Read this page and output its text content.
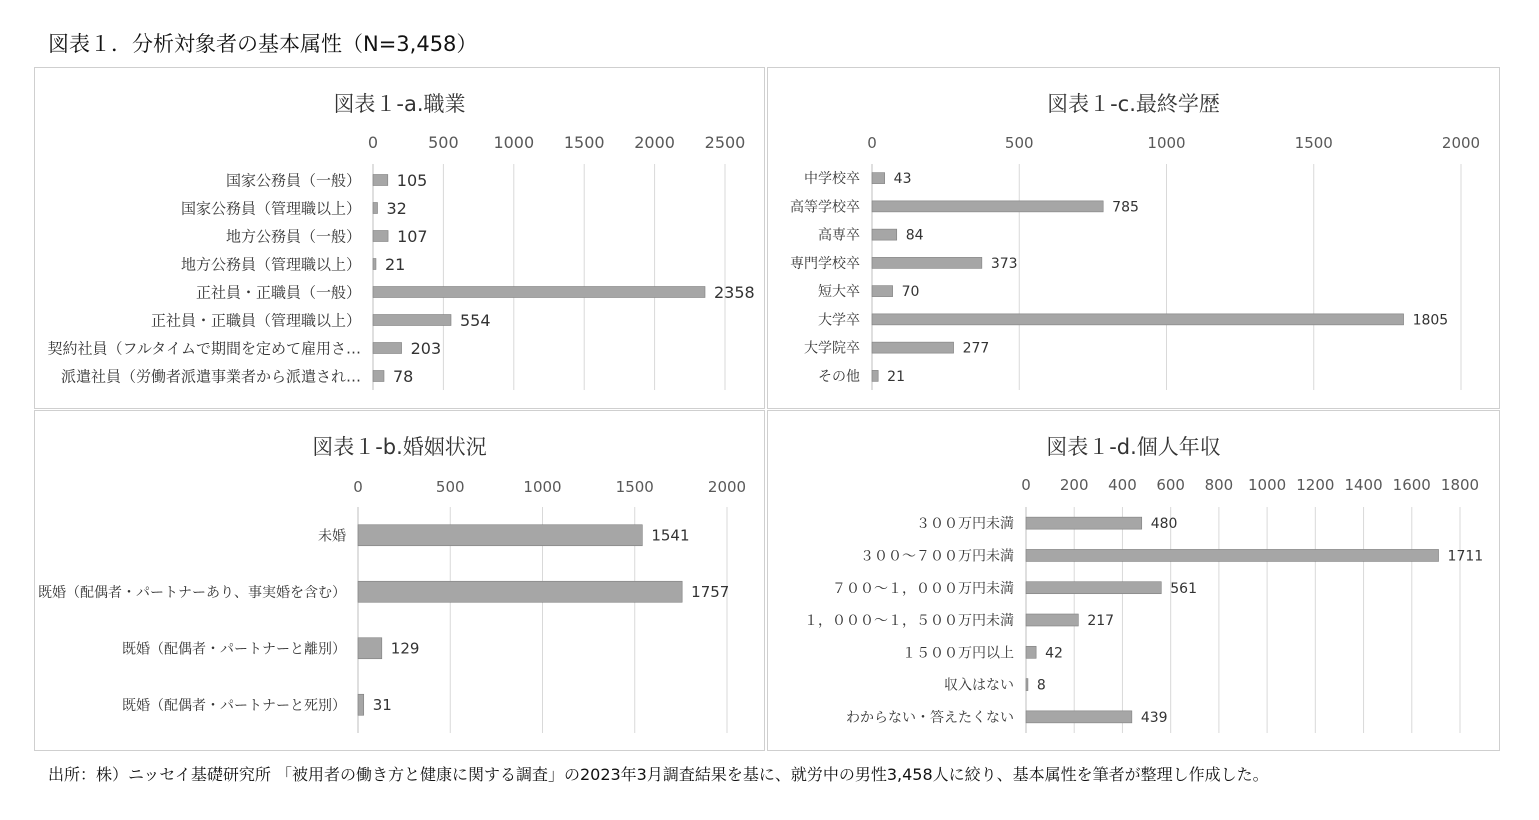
図表１．分析対象者の基本属性（N=3,458）
図表１-a.職業
0	500 1000 1500 2000 2500
国家公務員（一般） 105
国家公務員（管理職以上） 32
地方公務員（一般） 107
地方公務員（管理職以上） 21
正社員・正職員（一般）	2358
正社員・正職員（管理職以上）	554
契約社員（フルタイムで期間を定めて雇用さ…	203
派遣社員（労働者派遣事業者から派遣され… 78
図表１-c.最終学歴
0	500	1000	1500	2000
中学校卒 43
高等学校卒	785
高専卒	84
専門学校卒	373
短大卒	70
大学卒	1805
大学院卒	277
その他 21
図表１-b.婚姻状況
0	500	1000	1500	2000
未婚	1541
既婚（配偶者・パートナーあり、事実婚を含む）	1757
既婚（配偶者・パートナーと離別）	129
既婚（配偶者・パートナーと死別） 31
図表１-d.個人年収
0 200 400 600 800 1000 1200 1400 1600 1800
３００万円未満	480
３００～７００万円未満	1711
７００～１，０００万円未満	561
１，０００～１，５００万円未満	217
１５００万円以上 42
収入はない 8
わからない・答えたくない	439
出所：株）ニッセイ基礎研究所 「被用者の働き方と健康に関する調査」の2023年3月調査結果を基に、就労中の男性3,458人に絞り、基本属性を筆者が整理し作成した。
